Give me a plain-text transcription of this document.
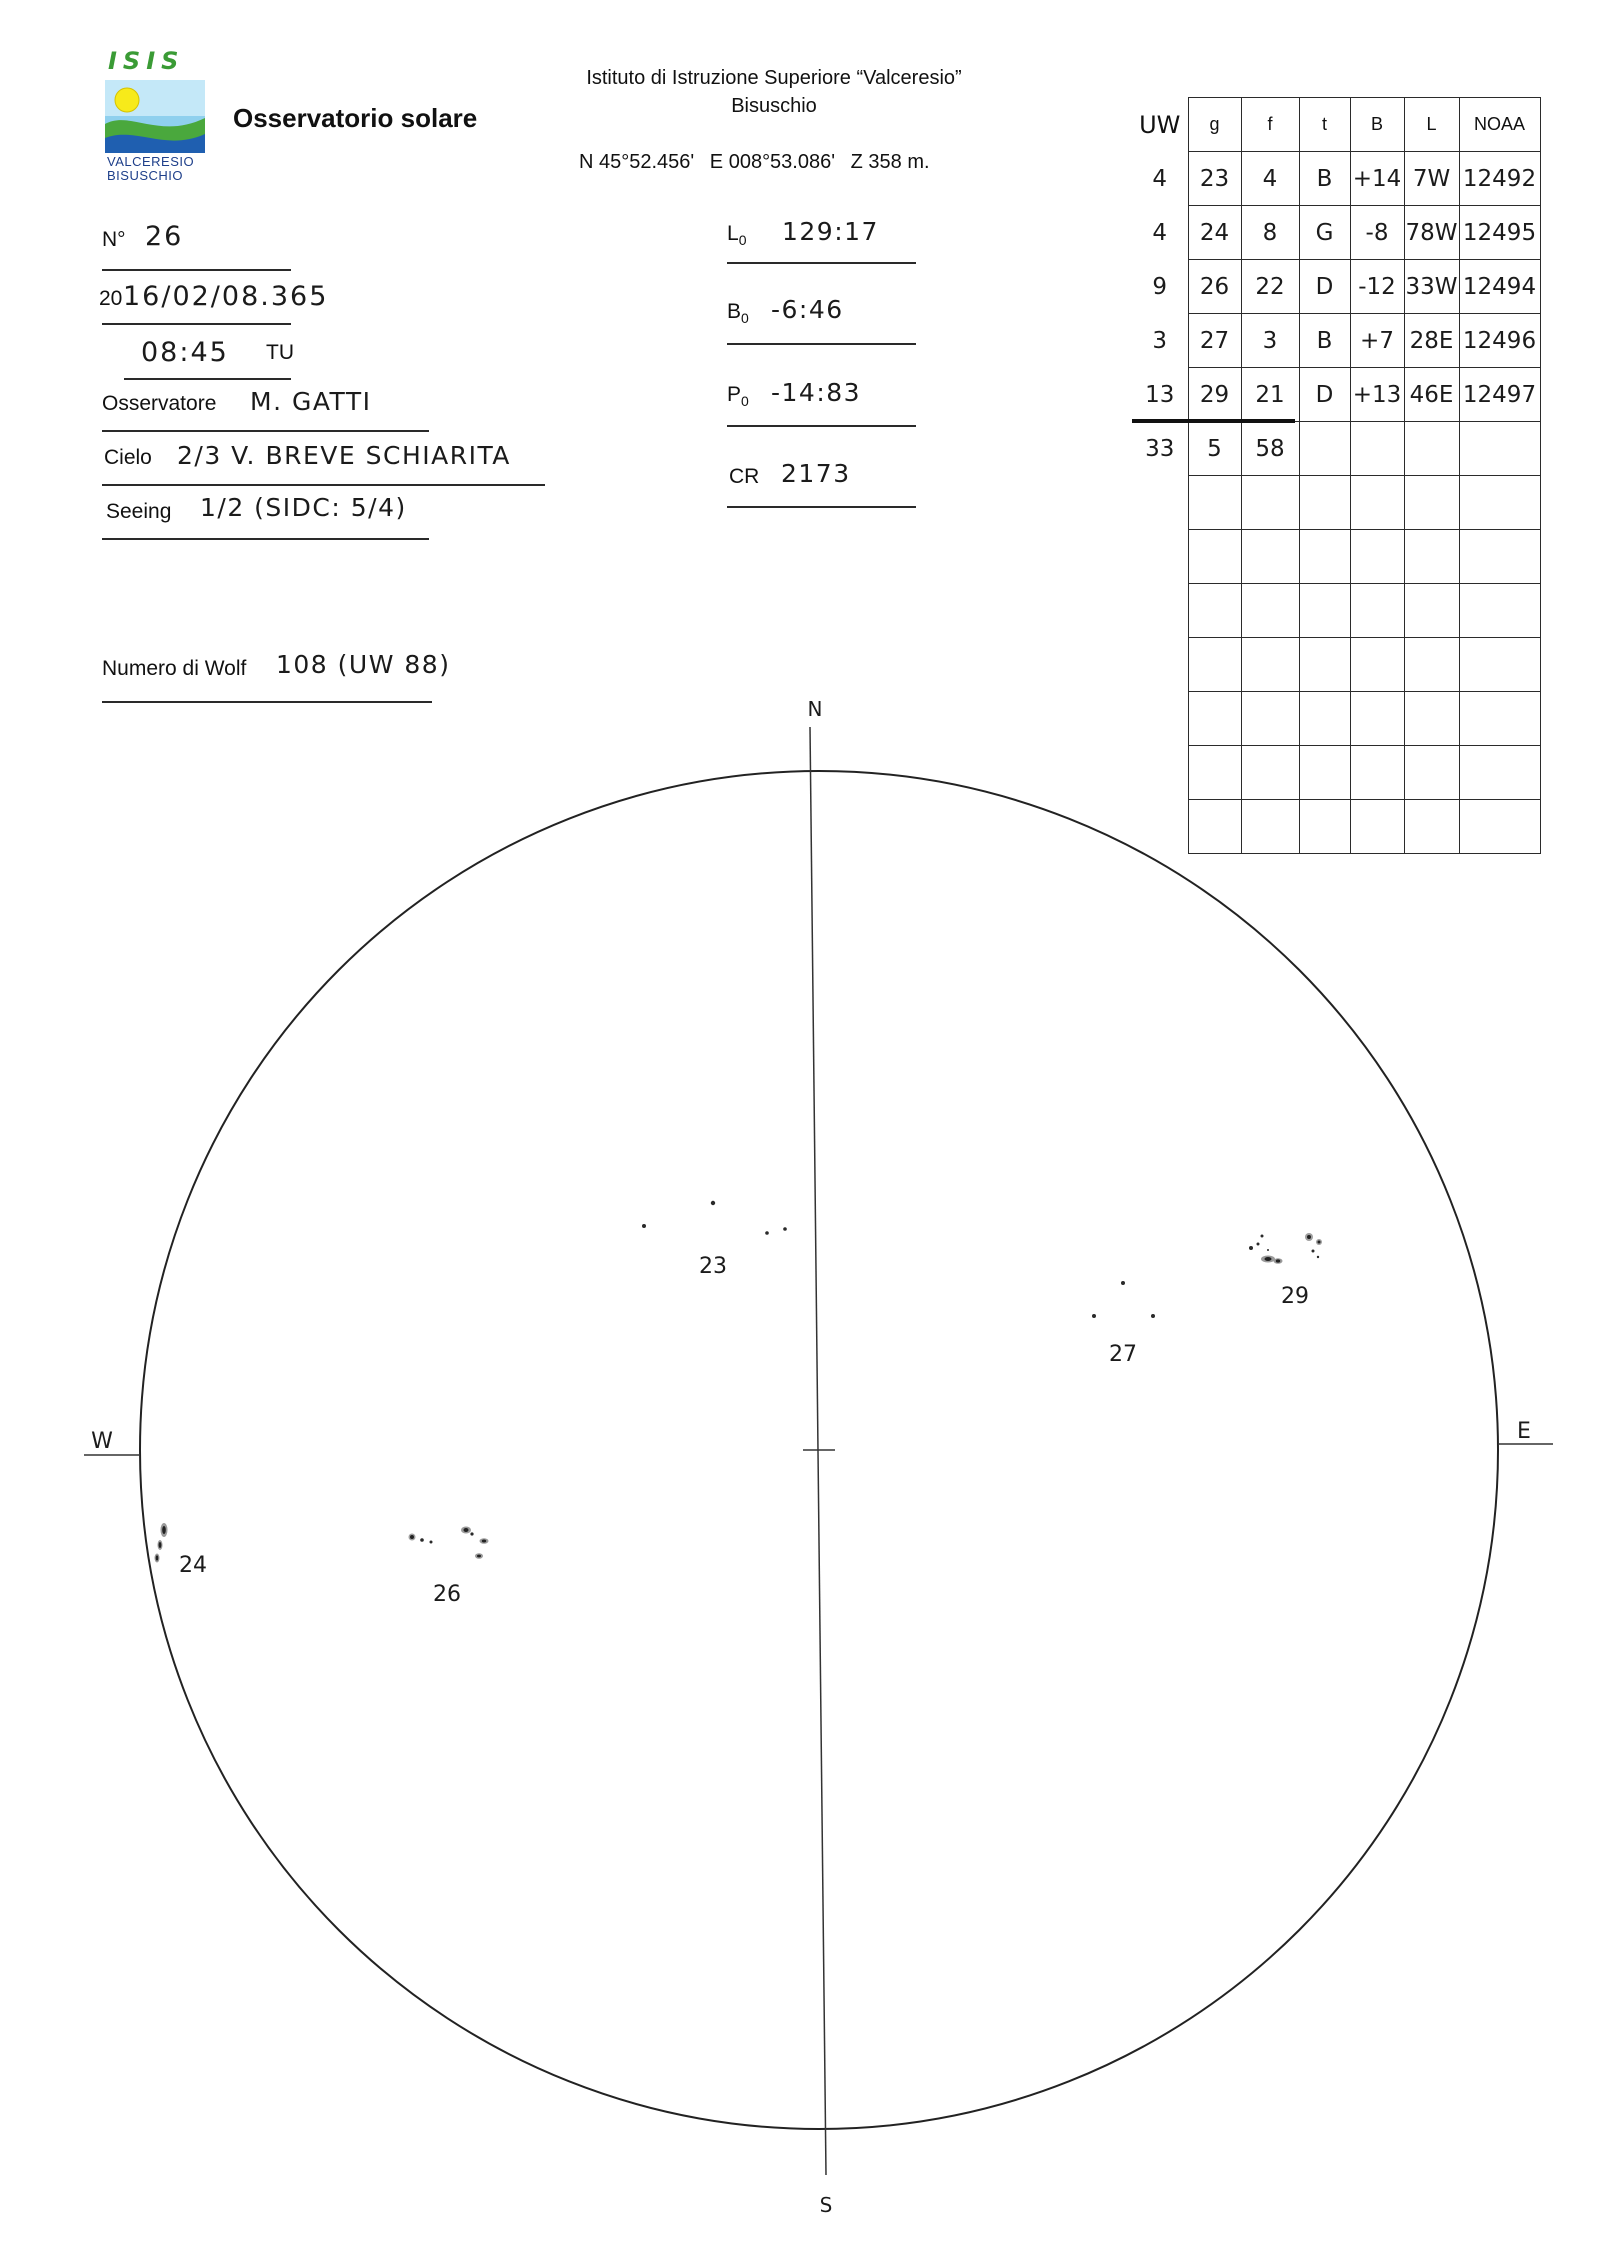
N
S
W	E
23
27
29
24
26
ISIS
VALCERESIO
BISUSCHIO
Osservatorio solare
Istituto di Istruzione Superiore “Valceresio”
Bisuschio
N 45°52.456' E 008°53.086' Z 358 m.
N° 26
20 16/02/08.365
08:45 TU
Osservatore M. GATTI
Cielo 2/3 V. BREVE SCHIARITA
Seeing 1/2 (SIDC: 5/4)
Numero di Wolf 108 (UW 88)
$L_0$ 129:17
$B_0$ -6:46
$P_0$ -14:83
CR 2173
UW	g	f	t	B	L	NOAA
4	23	4	B	+14	7W	12492
4	24	8	G	-8	78W	12495
9	26	22	D	-12	33W	12494
3	27	3	B	+7	28E	12496
13	29	21	D	+13	46E	12497
33	5	58				
